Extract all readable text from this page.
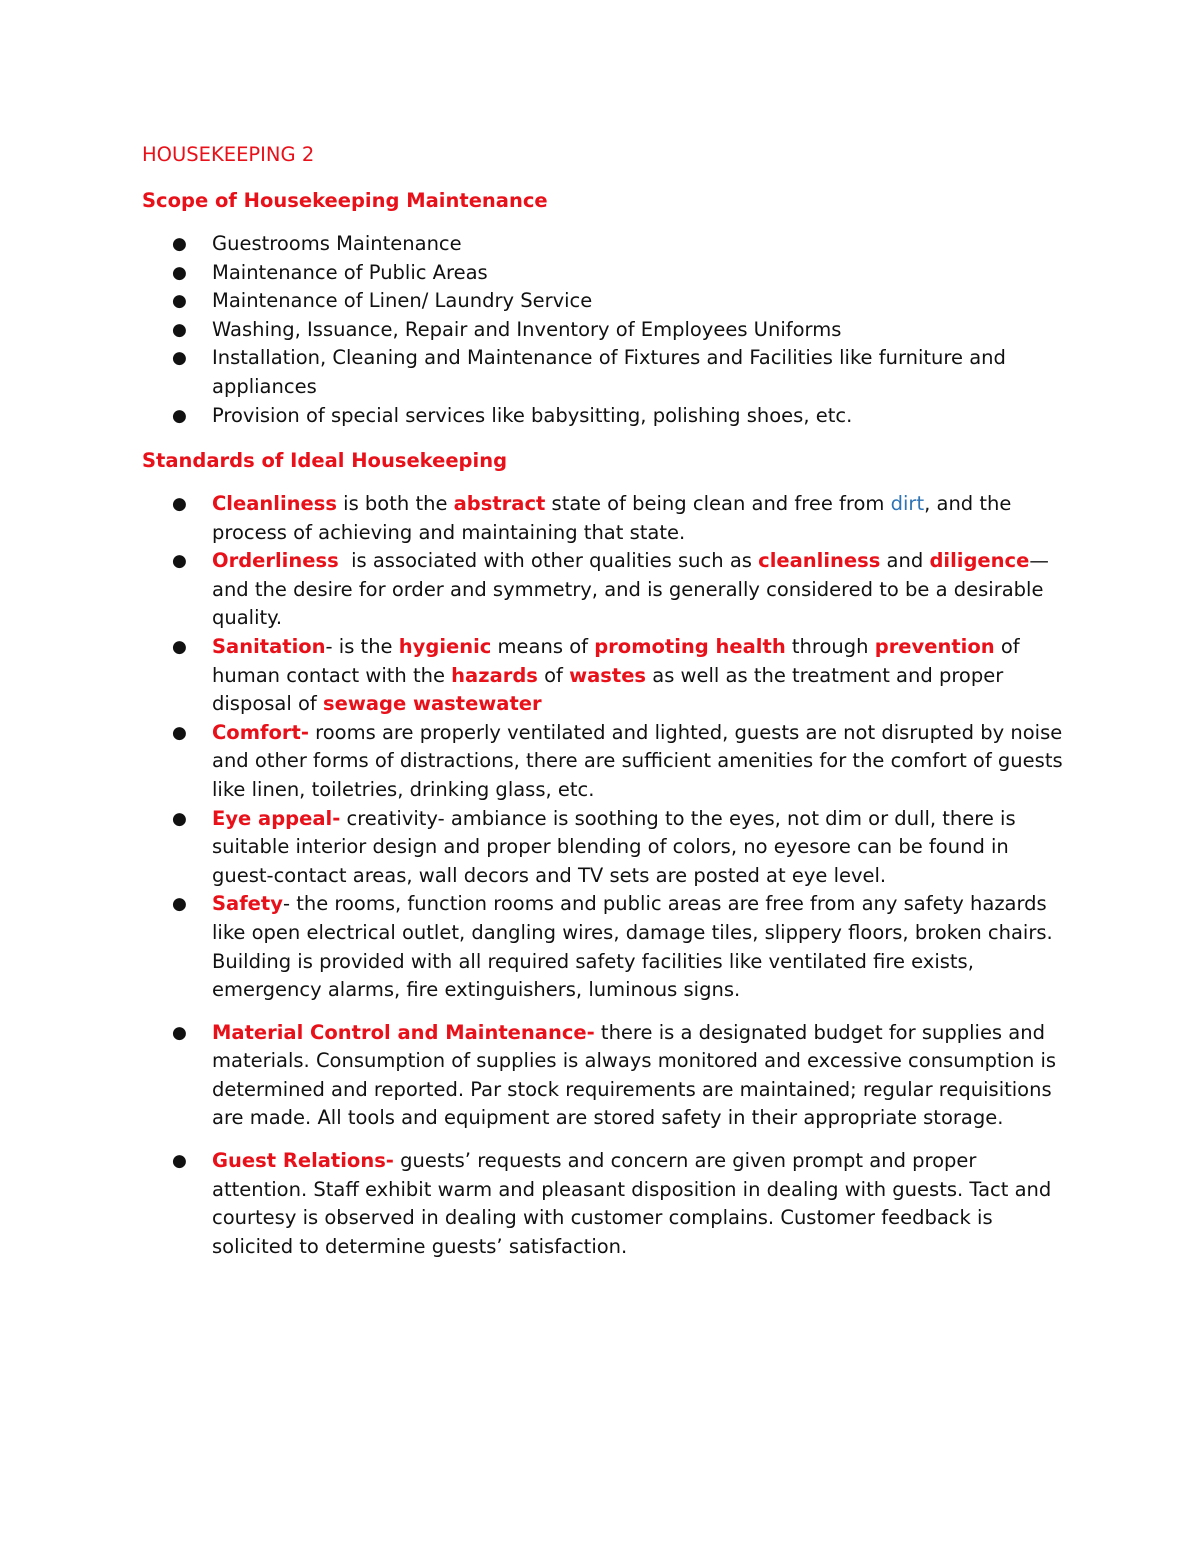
HOUSEKEEPING 2
Scope of Housekeeping Maintenance
● Guestrooms Maintenance
● Maintenance of Public Areas
● Maintenance of Linen/ Laundry Service
● Washing, Issuance, Repair and Inventory of Employees Uniforms
● Installation, Cleaning and Maintenance of Fixtures and Facilities like furniture and appliances
● Provision of special services like babysitting, polishing shoes, etc.
Standards of Ideal Housekeeping
● Cleanliness is both the abstract state of being clean and free from dirt, and the process of achieving and maintaining that state.
● Orderliness  is associated with other qualities such as cleanliness and diligence—and the desire for order and symmetry, and is generally considered to be a desirable quality.
● Sanitation- is the hygienic means of promoting health through prevention of human contact with the hazards of wastes as well as the treatment and proper disposal of sewage wastewater
● Comfort- rooms are properly ventilated and lighted, guests are not disrupted by noise and other forms of distractions, there are sufficient amenities for the comfort of guests like linen, toiletries, drinking glass, etc.
● Eye appeal- creativity- ambiance is soothing to the eyes, not dim or dull, there is suitable interior design and proper blending of colors, no eyesore can be found in guest-contact areas, wall decors and TV sets are posted at eye level.
● Safety- the rooms, function rooms and public areas are free from any safety hazards like open electrical outlet, dangling wires, damage tiles, slippery floors, broken chairs. Building is provided with all required safety facilities like ventilated fire exists, emergency alarms, fire extinguishers, luminous signs.
● Material Control and Maintenance- there is a designated budget for supplies and materials. Consumption of supplies is always monitored and excessive consumption is determined and reported. Par stock requirements are maintained; regular requisitions are made. All tools and equipment are stored safety in their appropriate storage.
● Guest Relations- guests’ requests and concern are given prompt and proper attention. Staff exhibit warm and pleasant disposition in dealing with guests. Tact and courtesy is observed in dealing with customer complains. Customer feedback is solicited to determine guests’ satisfaction.
